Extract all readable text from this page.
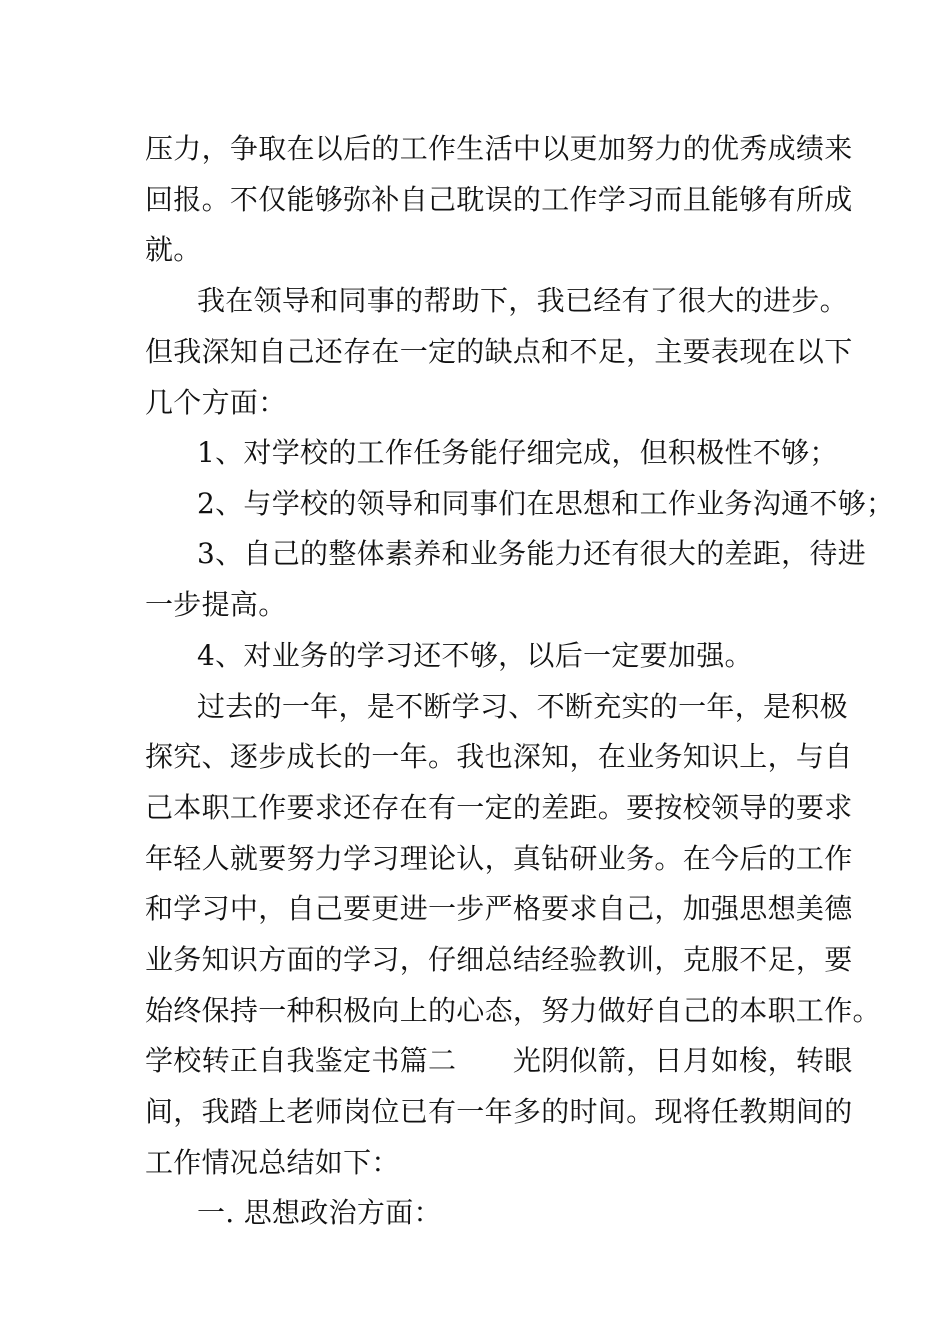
压力，争取在以后的工作生活中以更加努力的优秀成绩来

回报。不仅能够弥补自己耽误的工作学习而且能够有所成

就。

我在领导和同事的帮助下，我已经有了很大的进步。

但我深知自己还存在一定的缺点和不足，主要表现在以下

几个方面：

1、对学校的工作任务能仔细完成，但积极性不够；

2、与学校的领导和同事们在思想和工作业务沟通不够；

3、自己的整体素养和业务能力还有很大的差距，待进

一步提高。

4、对业务的学习还不够，以后一定要加强。

过去的一年，是不断学习、不断充实的一年，是积极

探究、逐步成长的一年。我也深知，在业务知识上，与自

己本职工作要求还存在有一定的差距。要按校领导的要求

年轻人就要努力学习理论认，真钻研业务。在今后的工作

和学习中，自己要更进一步严格要求自己，加强思想美德

业务知识方面的学习，仔细总结经验教训，克服不足，要

始终保持一种积极向上的心态，努力做好自己的本职工作。

学校转正自我鉴定书篇二　　光阴似箭，日月如梭，转眼

间，我踏上老师岗位已有一年多的时间。现将任教期间的

工作情况总结如下：

一. 思想政治方面：
